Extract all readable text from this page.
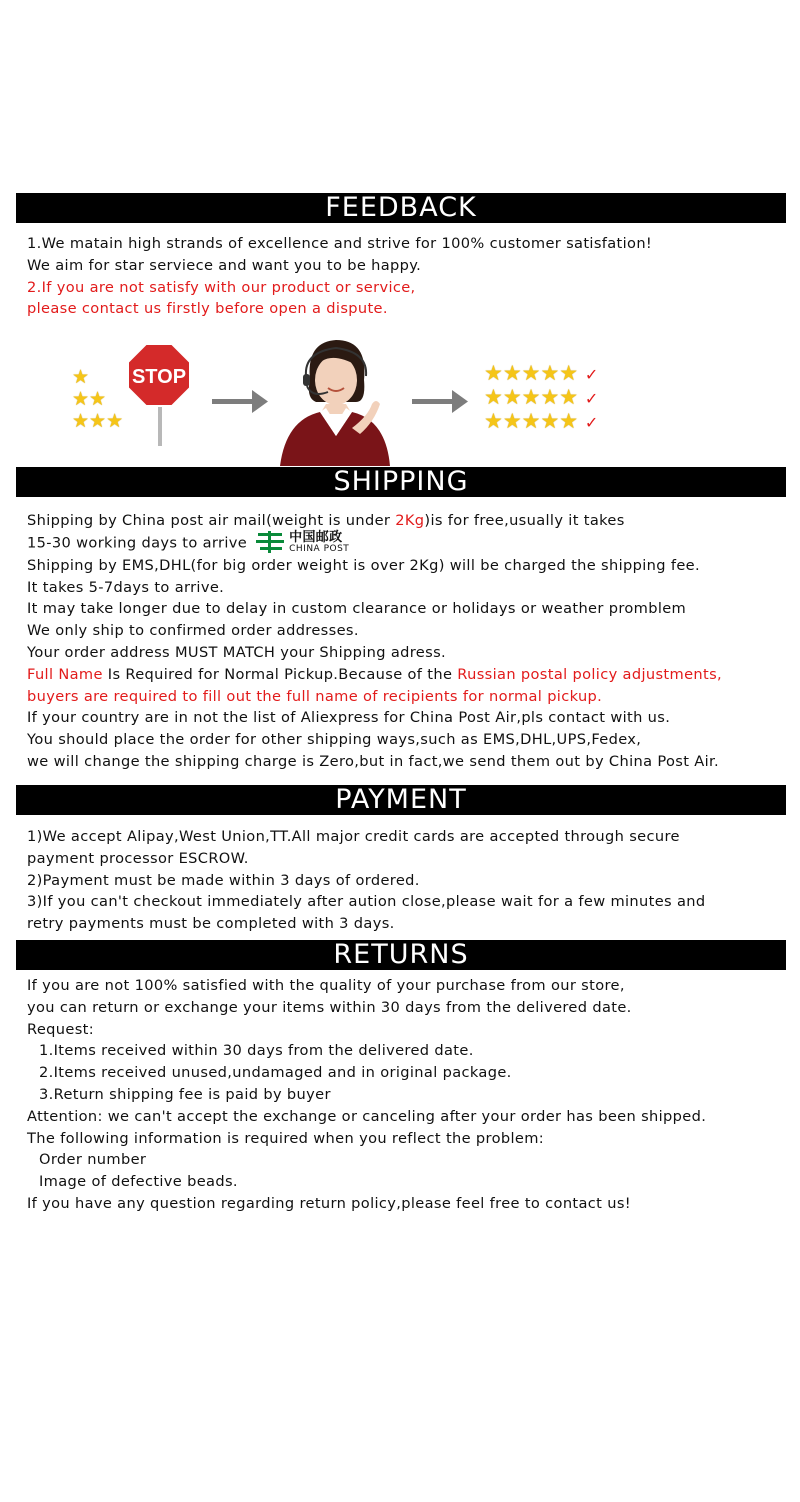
FEEDBACK
1.We matain high strands of excellence and strive for 100% customer satisfation!
We aim for star serviece and want you to be happy.
2.If you are not satisfy with our product or service,
please contact us firstly before open a dispute.
★
★★
★★★
STOP	★★★★★ ✓
★★★★★ ✓
★★★★★ ✓
SHIPPING
Shipping by China post air mail(weight is under 2Kg)is for free,usually it takes
15-30 working days to arrive	中国邮政
CHINA POST
Shipping by EMS,DHL(for big order weight is over 2Kg) will be charged the shipping fee.
It takes 5-7days to arrive.
It may take longer due to delay in custom clearance or holidays or weather promblem
We only ship to confirmed order addresses.
Your order address MUST MATCH your Shipping adress.
Full Name Is Required for Normal Pickup.Because of the Russian postal policy adjustments,
buyers are required to fill out the full name of recipients for normal pickup.
If your country are in not the list of Aliexpress for China Post Air,pls contact with us.
You should place the order for other shipping ways,such as EMS,DHL,UPS,Fedex,
we will change the shipping charge is Zero,but in fact,we send them out by China Post Air.
PAYMENT
1)We accept Alipay,West Union,TT.All major credit cards are accepted through secure
payment processor ESCROW.
2)Payment must be made within 3 days of ordered.
3)If you can't checkout immediately after aution close,please wait for a few minutes and
retry payments must be completed with 3 days.
RETURNS
If you are not 100% satisfied with the quality of your purchase from our store,
you can return or exchange your items within 30 days from the delivered date.
Request:
1.Items received within 30 days from the delivered date.
2.Items received unused,undamaged and in original package.
3.Return shipping fee is paid by buyer
Attention: we can't accept the exchange or canceling after your order has been shipped.
The following information is required when you reflect the problem:
Order number
Image of defective beads.
If you have any question regarding return policy,please feel free to contact us!
